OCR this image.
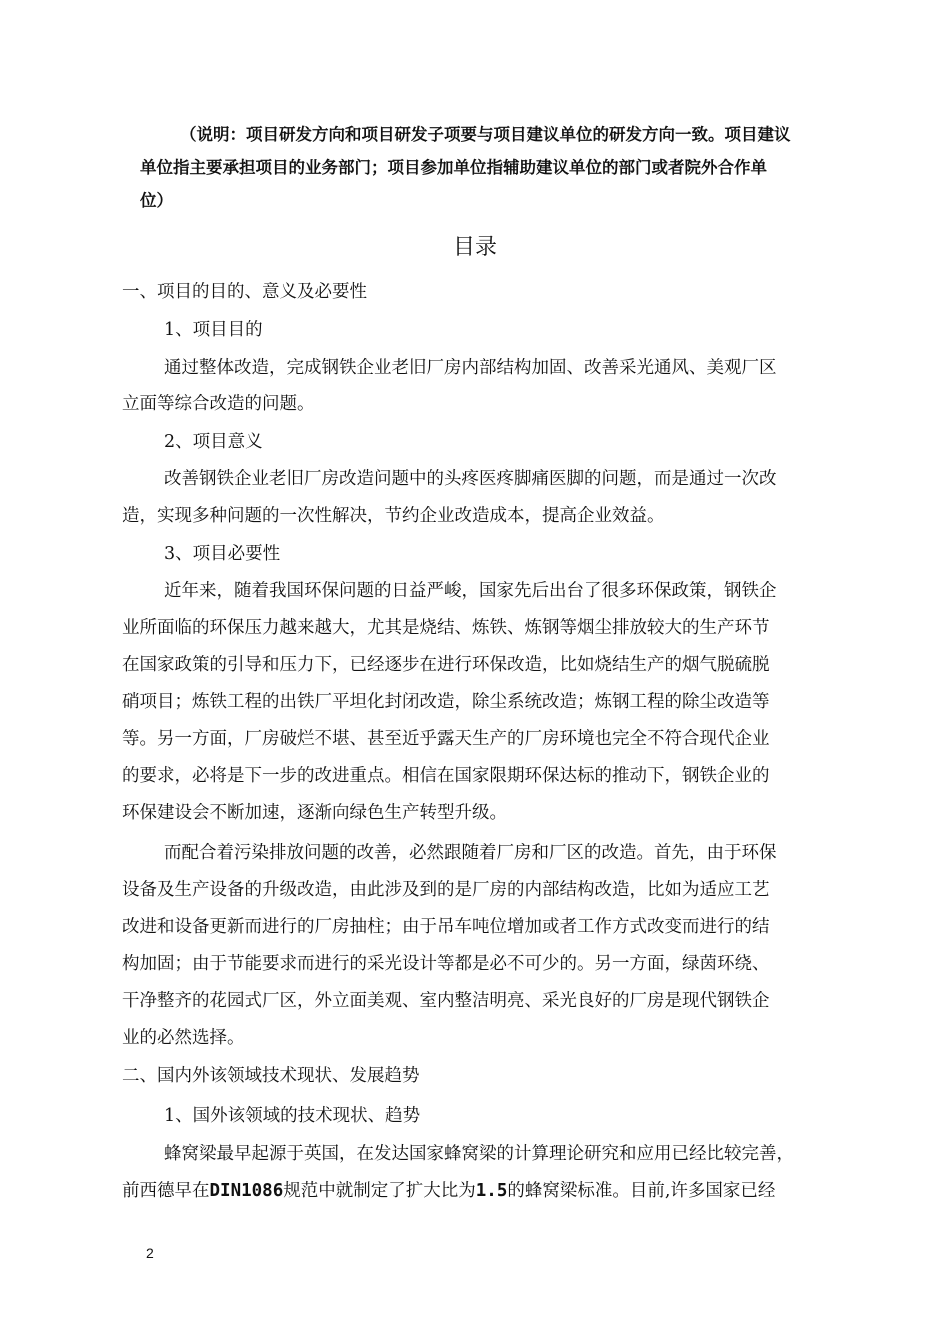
（说明：项目研发方向和项目研发子项要与项目建议单位的研发方向一致。项目建议
单位指主要承担项目的业务部门；项目参加单位指辅助建议单位的部门或者院外合作单
位）
目录
一、项目的目的、意义及必要性
1、项目目的
通过整体改造，完成钢铁企业老旧厂房内部结构加固、改善采光通风、美观厂区
立面等综合改造的问题。
2、项目意义
改善钢铁企业老旧厂房改造问题中的头疼医疼脚痛医脚的问题，而是通过一次改
造，实现多种问题的一次性解决，节约企业改造成本，提高企业效益。
3、项目必要性
近年来，随着我国环保问题的日益严峻，国家先后出台了很多环保政策，钢铁企
业所面临的环保压力越来越大，尤其是烧结、炼铁、炼钢等烟尘排放较大的生产环节
在国家政策的引导和压力下，已经逐步在进行环保改造，比如烧结生产的烟气脱硫脱
硝项目；炼铁工程的出铁厂平坦化封闭改造，除尘系统改造；炼钢工程的除尘改造等
等。另一方面，厂房破烂不堪、甚至近乎露天生产的厂房环境也完全不符合现代企业
的要求，必将是下一步的改进重点。相信在国家限期环保达标的推动下，钢铁企业的
环保建设会不断加速，逐渐向绿色生产转型升级。
而配合着污染排放问题的改善，必然跟随着厂房和厂区的改造。首先，由于环保
设备及生产设备的升级改造，由此涉及到的是厂房的内部结构改造，比如为适应工艺
改进和设备更新而进行的厂房抽柱；由于吊车吨位增加或者工作方式改变而进行的结
构加固；由于节能要求而进行的采光设计等都是必不可少的。另一方面，绿茵环绕、
干净整齐的花园式厂区，外立面美观、室内整洁明亮、采光良好的厂房是现代钢铁企
业的必然选择。
二、国内外该领域技术现状、发展趋势
1、国外该领域的技术现状、趋势
蜂窝梁最早起源于英国，在发达国家蜂窝梁的计算理论研究和应用已经比较完善，
前西德早在DIN1086规范中就制定了扩大比为1.5的蜂窝梁标准。目前,许多国家已经
2
